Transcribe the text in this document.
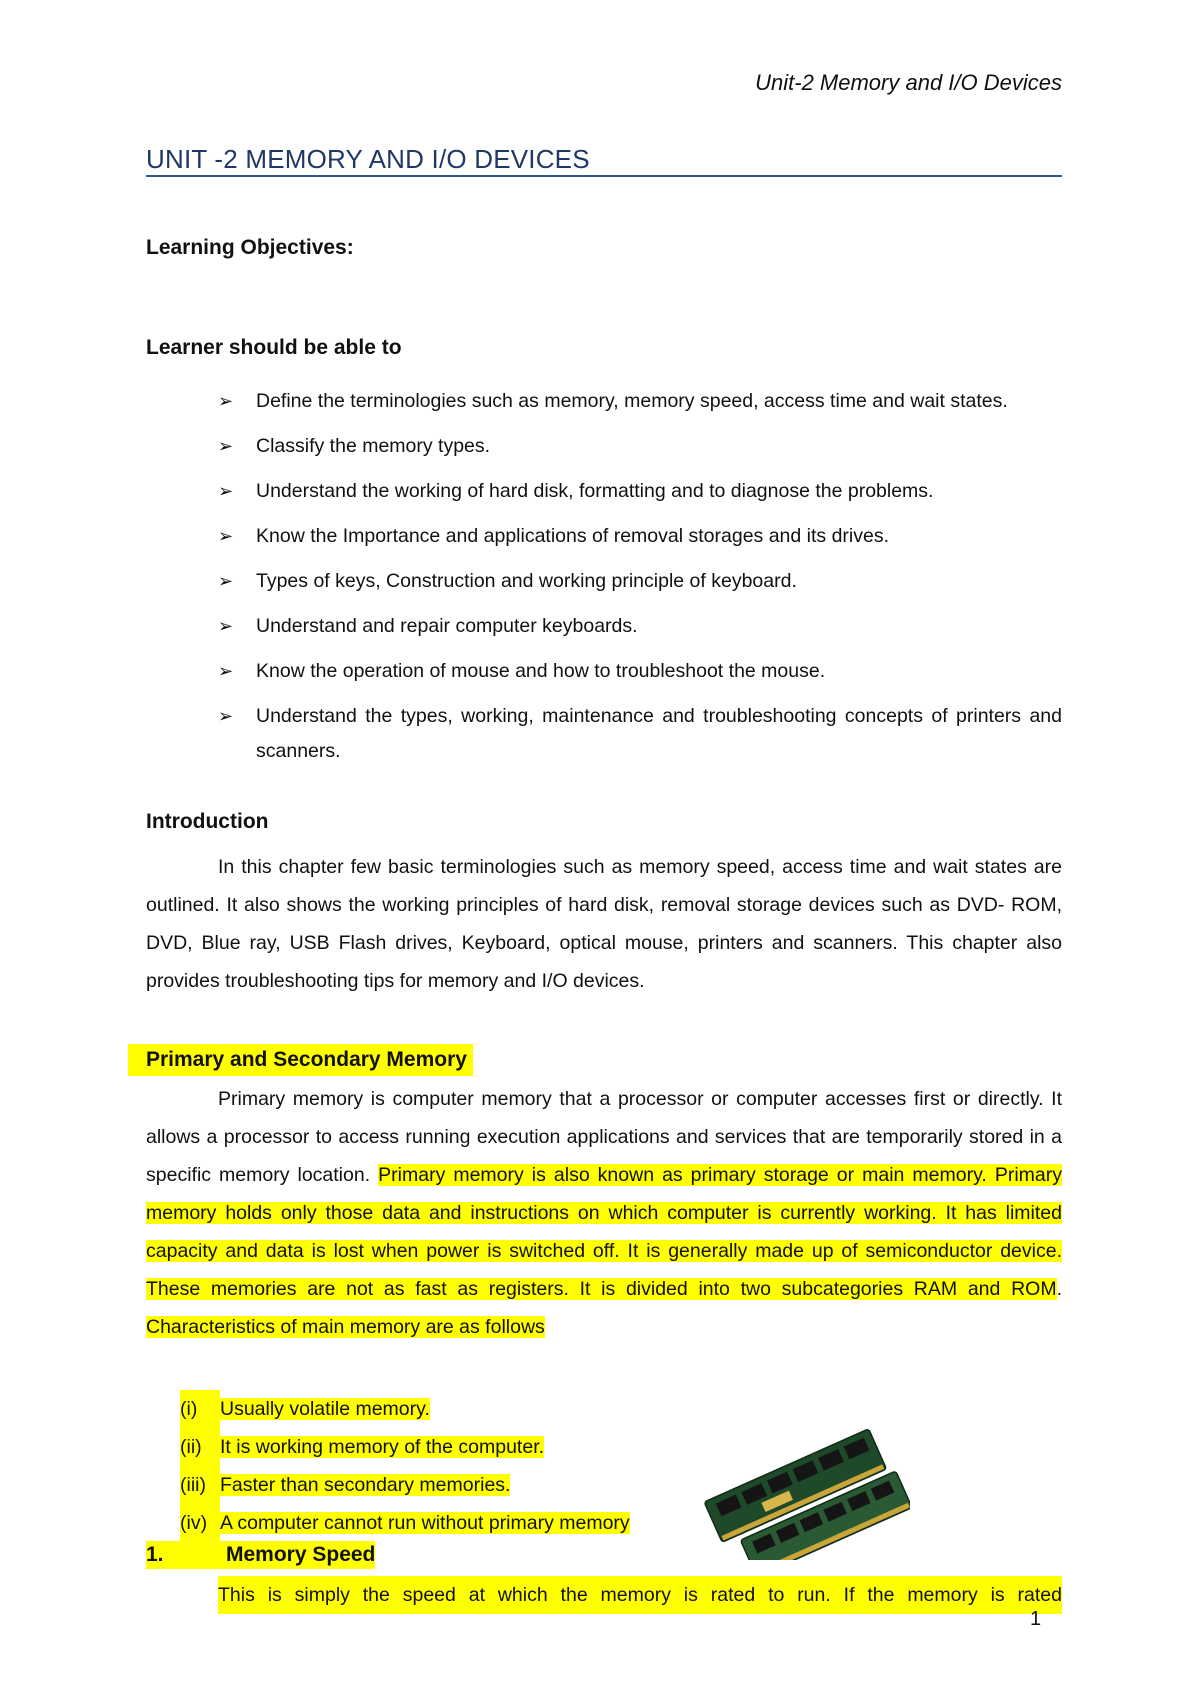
Unit-2 Memory and I/O Devices
UNIT -2 MEMORY AND I/O DEVICES
Learning Objectives:
Learner should be able to
➢ Define the terminologies such as memory, memory speed, access time and wait states.
➢ Classify the memory types.
➢ Understand the working of hard disk, formatting and to diagnose the problems.
➢ Know the Importance and applications of removal storages and its drives.
➢ Types of keys, Construction and working principle of keyboard.
➢ Understand and repair computer keyboards.
➢ Know the operation of mouse and how to troubleshoot the mouse.
➢ Understand the types, working, maintenance and troubleshooting concepts of printers and scanners.
Introduction

In this chapter few basic terminologies such as memory speed, access time and wait states are outlined. It also shows the working principles of hard disk, removal storage devices such as DVD- ROM, DVD, Blue ray, USB Flash drives, Keyboard, optical mouse, printers and scanners. This chapter also provides troubleshooting tips for memory and I/O devices.

Primary and Secondary Memory

Primary memory is computer memory that a processor or computer accesses first or directly. It allows a processor to access running execution applications and services that are temporarily stored in a specific memory location. Primary memory is also known as primary storage or main memory. Primary memory holds only those data and instructions on which computer is currently working. It has limited capacity and data is lost when power is switched off. It is generally made up of semiconductor device. These memories are not as fast as registers. It is divided into two subcategories RAM and ROM. Characteristics of main memory are as follows

(i) Usually volatile memory.
(ii) It is working memory of the computer.
(iii) Faster than secondary memories.
(iv) A computer cannot run without primary memory
1.	Memory Speed
This is simply the speed at which the memory is rated to run. If the memory is rated
1
